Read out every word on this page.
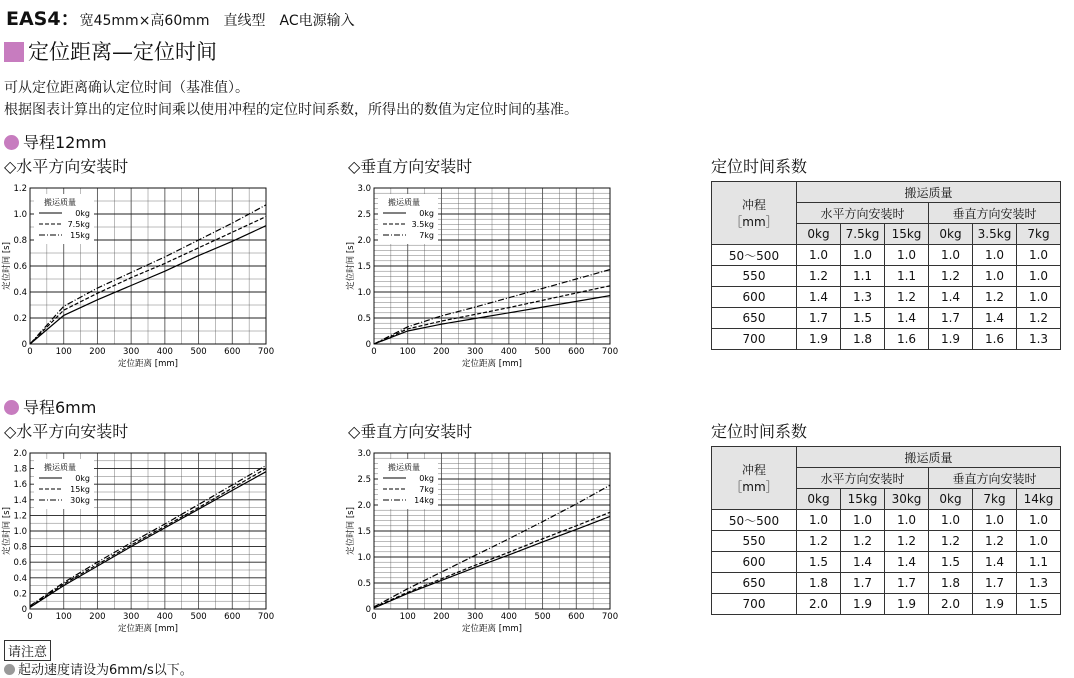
EAS4：宽45mm×高60mm　直线型　AC电源输入
定位距离—定位时间
可从定位距离确认定位时间（基准值）。
根据图表计算出的定位时间乘以使用冲程的定位时间系数，所得出的数值为定位时间的基准。
导程12mm
◇水平方向安装时	◇垂直方向安装时	定位时间系数
0
0.2
0.4
0.6
0.8
1.0
1.2
0	100 200 300 400 500 600 700
定位距离 [mm]
定位时间 [s]
搬运质量
0kg
7.5kg
15kg
0
0.5
1.0
1.5
2.0
2.5
3.0
0	100 200 300 400 500 600 700
定位距离 [mm]
定位时间 [s]
搬运质量
0kg
3.5kg
7kg
导程6mm
◇水平方向安装时	◇垂直方向安装时	定位时间系数
0
0.2
0.4
0.6
0.8
1.0
1.2
1.4
1.6
1.8
2.0
0	100 200 300 400 500 600 700
定位距离 [mm]
定位时间 [s]
搬运质量
0kg
15kg
30kg
0
0.5
1.0
1.5
2.0
2.5
3.0
0	100 200 300 400 500 600 700
定位距离 [mm]
定位时间 [s]
搬运质量
0kg
7kg
14kg
冲程
［mm］	搬运质量					
	水平方向安装时			垂直方向安装时		
	0kg	7.5kg	15kg	0kg	3.5kg	7kg
50～500	1.0	1.0	1.0	1.0	1.0	1.0
550	1.2	1.1	1.1	1.2	1.0	1.0
600	1.4	1.3	1.2	1.4	1.2	1.0
650	1.7	1.5	1.4	1.7	1.4	1.2
700	1.9	1.8	1.6	1.9	1.6	1.3
冲程
［mm］	搬运质量					
	水平方向安装时			垂直方向安装时		
	0kg	15kg	30kg	0kg	7kg	14kg
50～500	1.0	1.0	1.0	1.0	1.0	1.0
550	1.2	1.2	1.2	1.2	1.2	1.0
600	1.5	1.4	1.4	1.5	1.4	1.1
650	1.8	1.7	1.7	1.8	1.7	1.3
700	2.0	1.9	1.9	2.0	1.9	1.5
请注意
起动速度请设为6mm/s以下。
